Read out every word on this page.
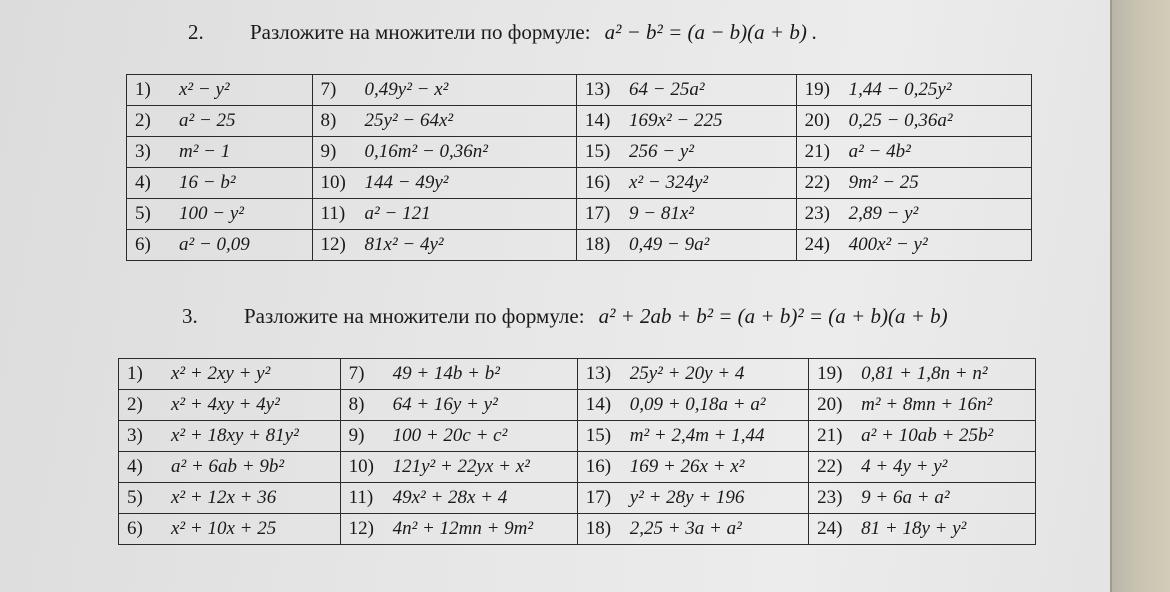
2. Разложите на множители по формуле: a² − b² = (a − b)(a + b) .
1) x² − y²	7) 0,49y² − x²	13) 64 − 25a²	19) 1,44 − 0,25y²
2) a² − 25	8) 25y² − 64x²	14) 169x² − 225	20) 0,25 − 0,36a²
3) m² − 1	9) 0,16m² − 0,36n²	15) 256 − y²	21) a² − 4b²
4) 16 − b²	10) 144 − 49y²	16) x² − 324y²	22) 9m² − 25
5) 100 − y²	11) a² − 121	17) 9 − 81x²	23) 2,89 − y²
6) a² − 0,09	12) 81x² − 4y²	18) 0,49 − 9a²	24) 400x² − y²
3. Разложите на множители по формуле: a² + 2ab + b² = (a + b)² = (a + b)(a + b)
1) x² + 2xy + y²	7) 49 + 14b + b²	13) 25y² + 20y + 4	19) 0,81 + 1,8n + n²
2) x² + 4xy + 4y²	8) 64 + 16y + y²	14) 0,09 + 0,18a + a²	20) m² + 8mn + 16n²
3) x² + 18xy + 81y²	9) 100 + 20c + c²	15) m² + 2,4m + 1,44	21) a² + 10ab + 25b²
4) a² + 6ab + 9b²	10) 121y² + 22yx + x²	16) 169 + 26x + x²	22) 4 + 4y + y²
5) x² + 12x + 36	11) 49x² + 28x + 4	17) y² + 28y + 196	23) 9 + 6a + a²
6) x² + 10x + 25	12) 4n² + 12mn + 9m²	18) 2,25 + 3a + a²	24) 81 + 18y + y²
